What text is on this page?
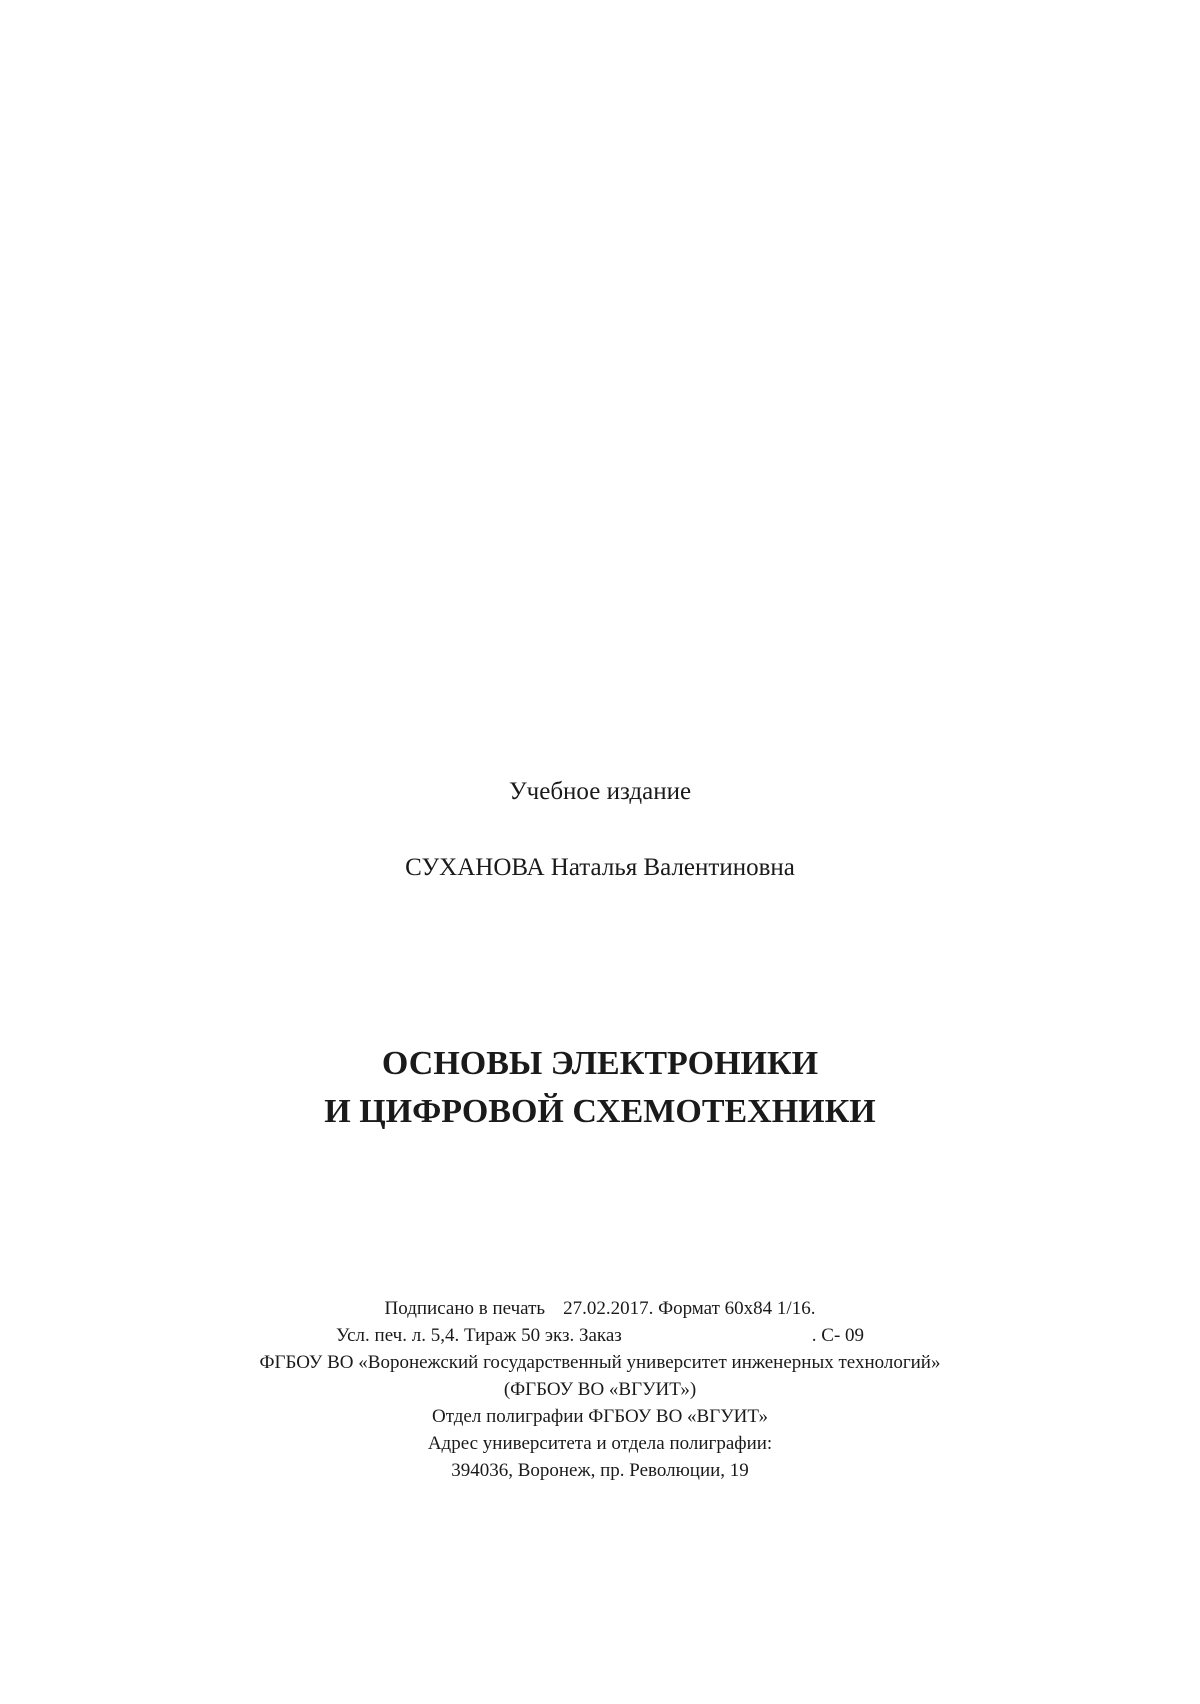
Учебное издание
СУХАНОВА Наталья Валентиновна
ОСНОВЫ ЭЛЕКТРОНИКИ
И ЦИФРОВОЙ СХЕМОТЕХНИКИ
Подписано в печать 27.02.2017. Формат 60x84 1/16.
Усл. печ. л. 5,4. Тираж 50 экз. Заказ	. С- 09
ФГБОУ ВО «Воронежский государственный университет инженерных технологий»
(ФГБОУ ВО «ВГУИТ»)
Отдел полиграфии ФГБОУ ВО «ВГУИТ»
Адрес университета и отдела полиграфии:
394036, Воронеж, пр. Революции, 19
